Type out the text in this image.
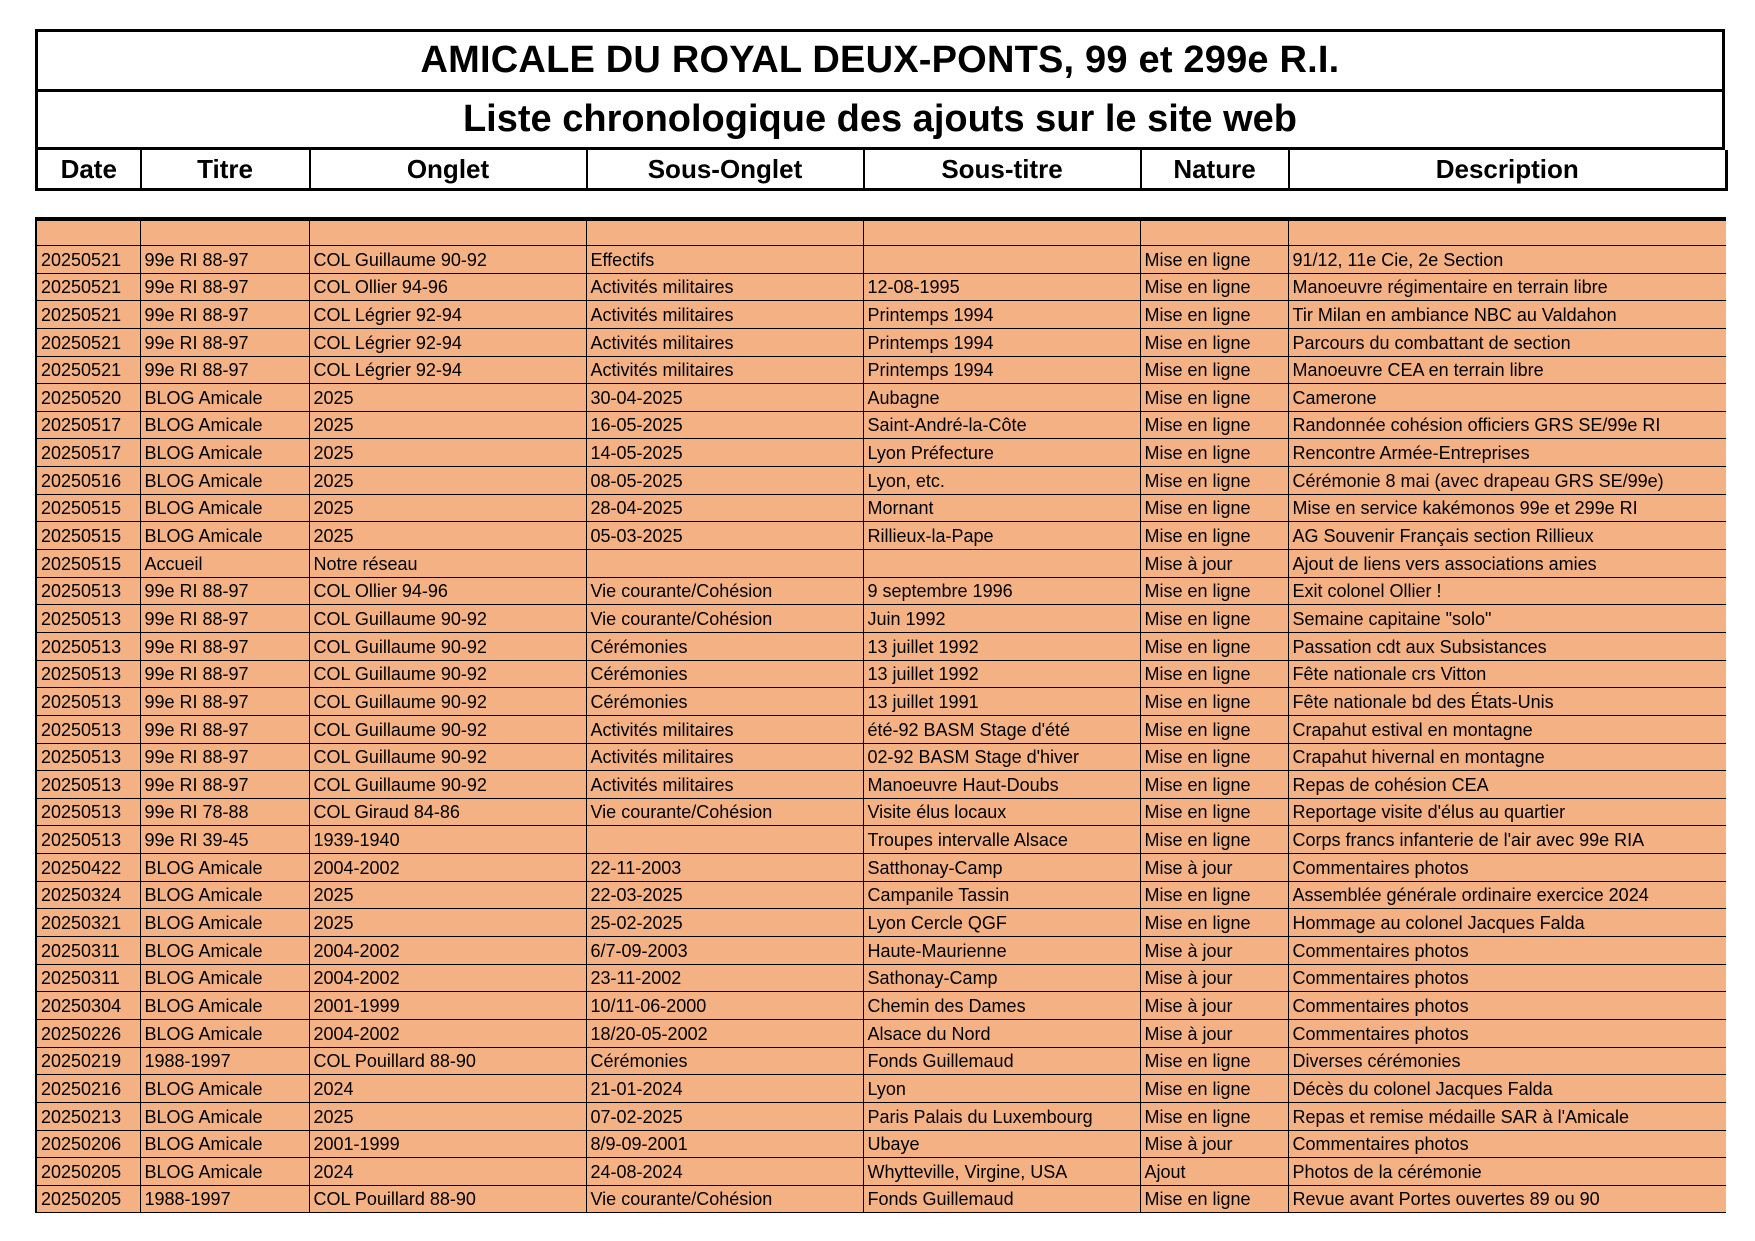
AMICALE DU ROYAL DEUX-PONTS, 99 et 299e R.I.
Liste chronologique des ajouts sur le site web
Date	Titre	Onglet	Sous-Onglet	Sous-titre	Nature	Description

20250521	99e RI 88-97	COL Guillaume 90-92	Effectifs		Mise en ligne	91/12, 11e Cie, 2e Section
20250521	99e RI 88-97	COL Ollier 94-96	Activités militaires	12-08-1995	Mise en ligne	Manoeuvre régimentaire en terrain libre
20250521	99e RI 88-97	COL Légrier 92-94	Activités militaires	Printemps 1994	Mise en ligne	Tir Milan en ambiance NBC au Valdahon
20250521	99e RI 88-97	COL Légrier 92-94	Activités militaires	Printemps 1994	Mise en ligne	Parcours du combattant de section
20250521	99e RI 88-97	COL Légrier 92-94	Activités militaires	Printemps 1994	Mise en ligne	Manoeuvre CEA en terrain libre
20250520	BLOG Amicale	2025	30-04-2025	Aubagne	Mise en ligne	Camerone
20250517	BLOG Amicale	2025	16-05-2025	Saint-André-la-Côte	Mise en ligne	Randonnée cohésion officiers GRS SE/99e RI
20250517	BLOG Amicale	2025	14-05-2025	Lyon Préfecture	Mise en ligne	Rencontre Armée-Entreprises
20250516	BLOG Amicale	2025	08-05-2025	Lyon, etc.	Mise en ligne	Cérémonie 8 mai (avec drapeau GRS SE/99e)
20250515	BLOG Amicale	2025	28-04-2025	Mornant	Mise en ligne	Mise en service kakémonos 99e et 299e RI
20250515	BLOG Amicale	2025	05-03-2025	Rillieux-la-Pape	Mise en ligne	AG Souvenir Français section Rillieux
20250515	Accueil	Notre réseau			Mise à jour	Ajout de liens vers associations amies
20250513	99e RI 88-97	COL Ollier 94-96	Vie courante/Cohésion	9 septembre 1996	Mise en ligne	Exit colonel Ollier !
20250513	99e RI 88-97	COL Guillaume 90-92	Vie courante/Cohésion	Juin 1992	Mise en ligne	Semaine capitaine "solo"
20250513	99e RI 88-97	COL Guillaume 90-92	Cérémonies	13 juillet 1992	Mise en ligne	Passation cdt aux Subsistances
20250513	99e RI 88-97	COL Guillaume 90-92	Cérémonies	13 juillet 1992	Mise en ligne	Fête nationale crs Vitton
20250513	99e RI 88-97	COL Guillaume 90-92	Cérémonies	13 juillet 1991	Mise en ligne	Fête nationale bd des États-Unis
20250513	99e RI 88-97	COL Guillaume 90-92	Activités militaires	été-92 BASM Stage d'été	Mise en ligne	Crapahut estival en montagne
20250513	99e RI 88-97	COL Guillaume 90-92	Activités militaires	02-92 BASM Stage d'hiver	Mise en ligne	Crapahut hivernal en montagne
20250513	99e RI 88-97	COL Guillaume 90-92	Activités militaires	Manoeuvre Haut-Doubs	Mise en ligne	Repas de cohésion CEA
20250513	99e RI 78-88	COL Giraud 84-86	Vie courante/Cohésion	Visite élus locaux	Mise en ligne	Reportage visite d'élus au quartier
20250513	99e RI 39-45	1939-1940		Troupes intervalle Alsace	Mise en ligne	Corps francs infanterie de l'air avec 99e RIA
20250422	BLOG Amicale	2004-2002	22-11-2003	Satthonay-Camp	Mise à jour	Commentaires photos
20250324	BLOG Amicale	2025	22-03-2025	Campanile Tassin	Mise en ligne	Assemblée générale ordinaire exercice 2024
20250321	BLOG Amicale	2025	25-02-2025	Lyon Cercle QGF	Mise en ligne	Hommage au colonel Jacques Falda
20250311	BLOG Amicale	2004-2002	6/7-09-2003	Haute-Maurienne	Mise à jour	Commentaires photos
20250311	BLOG Amicale	2004-2002	23-11-2002	Sathonay-Camp	Mise à jour	Commentaires photos
20250304	BLOG Amicale	2001-1999	10/11-06-2000	Chemin des Dames	Mise à jour	Commentaires photos
20250226	BLOG Amicale	2004-2002	18/20-05-2002	Alsace du Nord	Mise à jour	Commentaires photos
20250219	1988-1997	COL Pouillard 88-90	Cérémonies	Fonds Guillemaud	Mise en ligne	Diverses cérémonies
20250216	BLOG Amicale	2024	21-01-2024	Lyon	Mise en ligne	Décès du colonel Jacques Falda
20250213	BLOG Amicale	2025	07-02-2025	Paris Palais du Luxembourg	Mise en ligne	Repas et remise médaille SAR à l'Amicale
20250206	BLOG Amicale	2001-1999	8/9-09-2001	Ubaye	Mise à jour	Commentaires photos
20250205	BLOG Amicale	2024	24-08-2024	Whytteville, Virgine, USA	Ajout	Photos de la cérémonie
20250205	1988-1997	COL Pouillard 88-90	Vie courante/Cohésion	Fonds Guillemaud	Mise en ligne	Revue avant Portes ouvertes 89 ou 90
